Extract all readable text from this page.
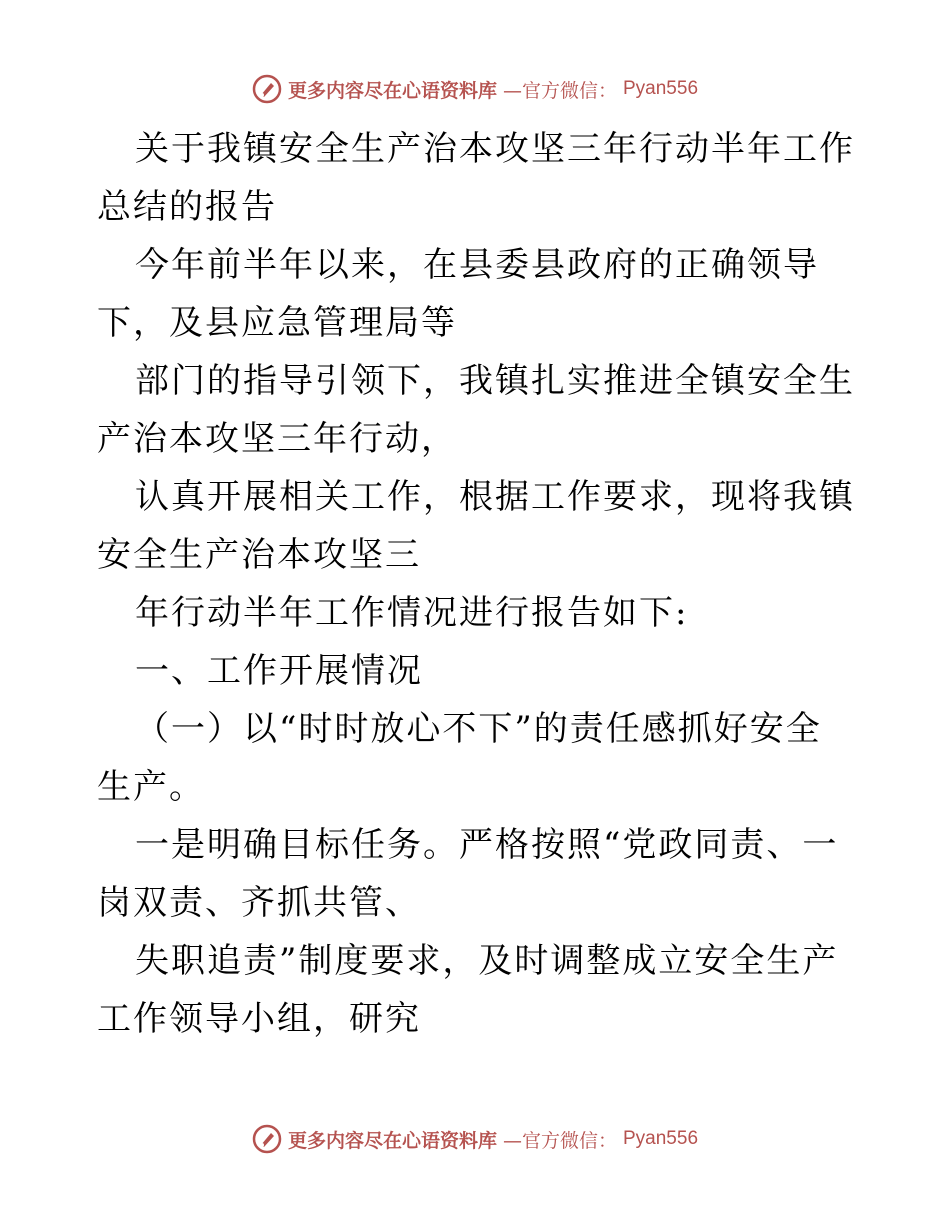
更多内容尽在心语资料库 —官方微信： Pyan556

关于我镇安全生产治本攻坚三年行动半年工作总结的报告

今年前半年以来，在县委县政府的正确领导下，及县应急管理局等

部门的指导引领下，我镇扎实推进全镇安全生产治本攻坚三年行动，

认真开展相关工作，根据工作要求，现将我镇安全生产治本攻坚三

年行动半年工作情况进行报告如下:

一、工作开展情况

（一）以“时时放心不下”的责任感抓好安全生产。

一是明确目标任务。严格按照“党政同责、一岗双责、齐抓共管、

失职追责”制度要求，及时调整成立安全生产工作领导小组，研究

更多内容尽在心语资料库 —官方微信： Pyan556
